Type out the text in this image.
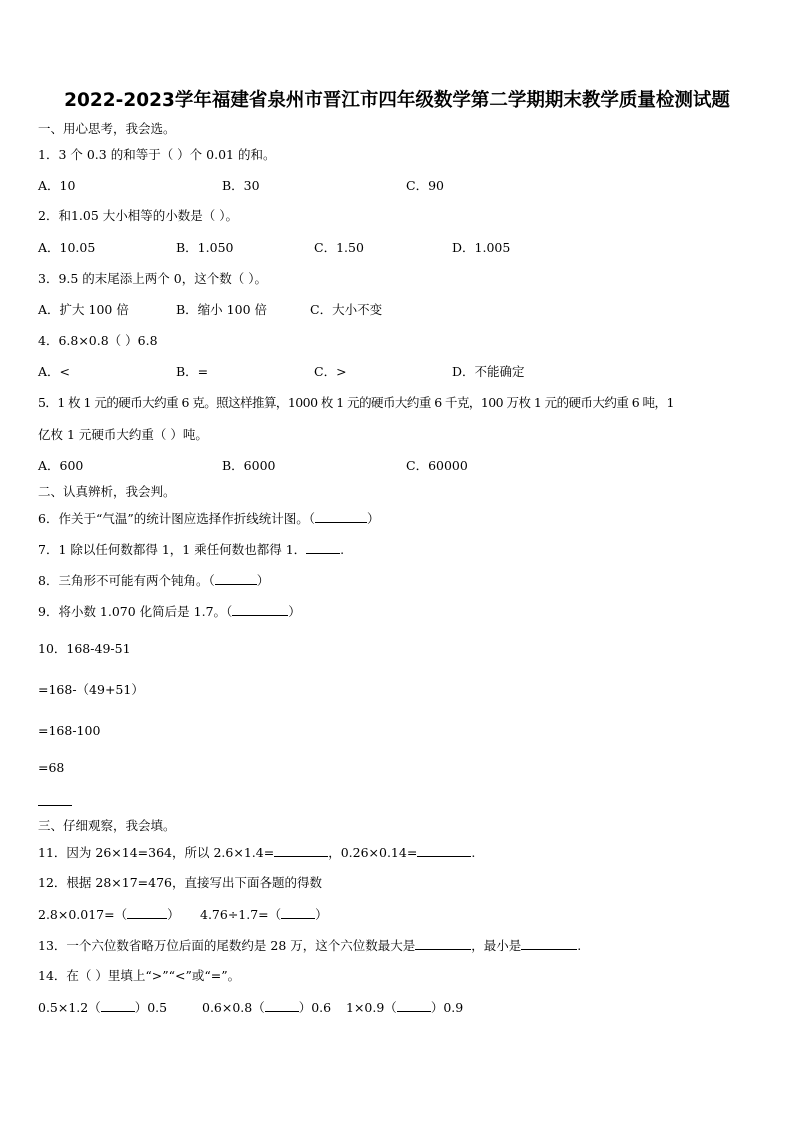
2022-2023学年福建省泉州市晋江市四年级数学第二学期期末教学质量检测试题
一、用心思考，我会选。
1．3 个 0.3 的和等于（ ）个 0.01 的和。
A．10	B．30	C．90
2．和1.05 大小相等的小数是（ ）。
A．10.05	B．1.050	C．1.50	D．1.005
3．9.5 的末尾添上两个 0，这个数（ ）。
A．扩大 100 倍	B．缩小 100 倍	C．大小不变
4．6.8×0.8（ ）6.8
A．<	B．=	C．>	D．不能确定
5．1 枚 1 元的硬币大约重 6 克。照这样推算，1000 枚 1 元的硬币大约重 6 千克，100 万枚 1 元的硬币大约重 6 吨，1
亿枚 1 元硬币大约重（ ）吨。
A．600	B．6000	C．60000
二、认真辨析，我会判。
6．作关于“气温”的统计图应选择作折线统计图。（	）
7．1 除以任何数都得 1，1 乘任何数也都得 1．	.
8．三角形不可能有两个钝角。（	）
9．将小数 1.070 化简后是 1.7。（	）
10．168-49-51
=168-（49+51）
=168-100
=68
三、仔细观察，我会填。
11．因为 26×14=364，所以 2.6×1.4=	，0.26×0.14=	.
12．根据 28×17=476，直接写出下面各题的得数
2.8×0.017=（	） 4.76÷1.7=（	）
13．一个六位数省略万位后面的尾数约是 28 万，这个六位数最大是	，最小是	.
14．在（ ）里填上“>”“<”或“=”。
0.5×1.2（	）0.5	0.6×0.8（	）0.6 1×0.9（	）0.9
